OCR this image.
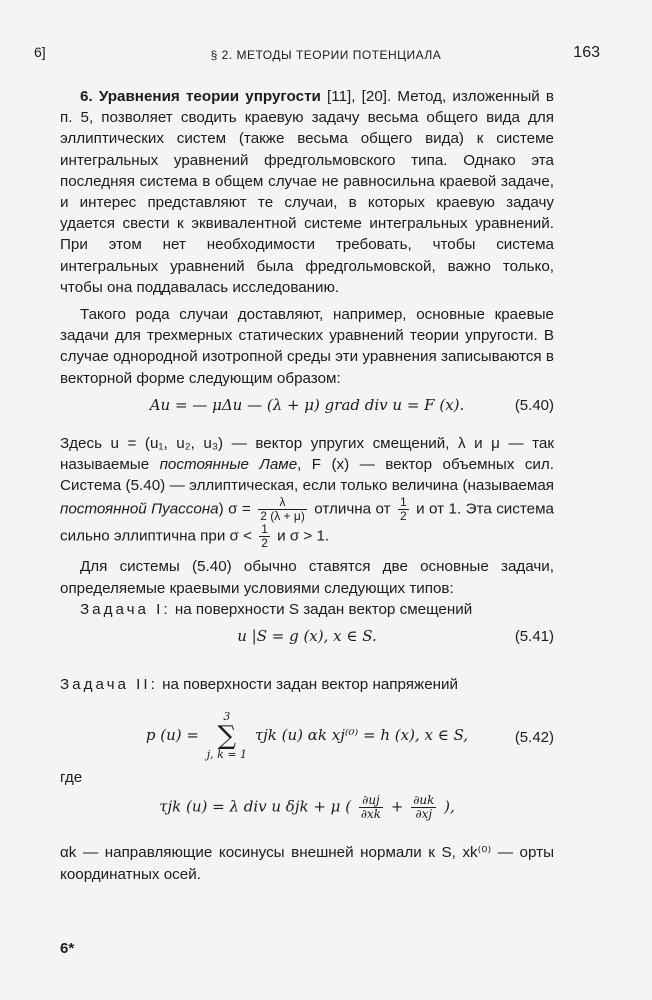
6]	§ 2. МЕТОДЫ ТЕОРИИ ПОТЕНЦИАЛА	163

6. Уравнения теории упругости [11], [20]. Метод, изложенный в п. 5, позволяет сводить краевую задачу весьма общего вида для эллиптических систем (также весьма общего вида) к системе интегральных уравнений фредгольмовского типа. Однако эта последняя система в общем случае не равносильна краевой задаче, и интерес представляют те случаи, в которых краевую задачу удается свести к эквивалентной системе интегральных уравнений. При этом нет необходимости требовать, чтобы система интегральных уравнений была фредгольмовской, важно только, чтобы она поддавалась исследованию.

Такого рода случаи доставляют, например, основные краевые задачи для трехмерных статических уравнений теории упругости. В случае однородной изотропной среды эти уравнения записываются в векторной форме следующим образом:

Au = — μΔu — (λ + μ) grad div u = F (x).	(5.40)

Здесь u = (u₁, u₂, u₃) — вектор упругих смещений, λ и μ — так называемые постоянные Ламе, F (x) — вектор объемных сил. Система (5.40) — эллиптическая, если только величина (называемая постоянной Пуассона) $\sigma = \frac{\lambda}{2 (\lambda + \mu)}$ отлична от $\frac{1}{2}$ и от 1. Эта система сильно эллиптична при $\sigma < \frac{1}{2}$ и σ > 1.

Для системы (5.40) обычно ставятся две основные задачи, определяемые краевыми условиями следующих типов:

Задача I: на поверхности S задан вектор смещений

u |S = g (x), x ∈ S.	(5.41)

Задача II: на поверхности задан вектор напряжений

p (u) = 3
∑
j, k = 1 τjk (u) αk xj⁽⁰⁾ = h (x), x ∈ S,	(5.42)

где

τjk (u) = λ div u δjk + μ ( $\frac{\partial uj}{\partial xk} + \frac{\partial uk}{\partial xj}$ ),

αk — направляющие косинусы внешней нормали к S, xk⁽⁰⁾ — орты координатных осей.

6*
